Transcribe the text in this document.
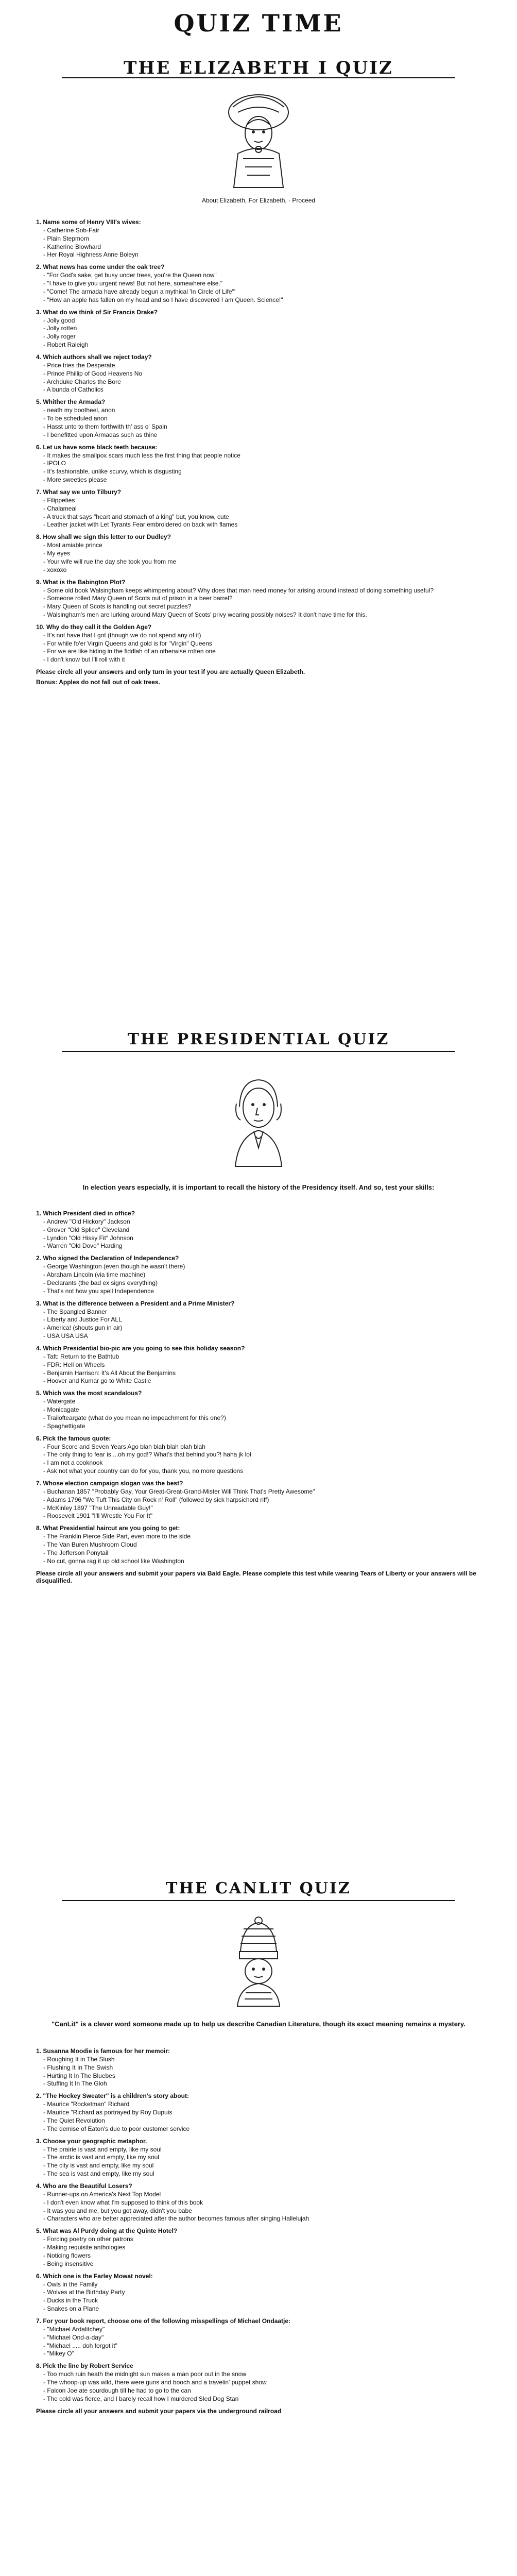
QUIZ TIME
THE ELIZABETH I QUIZ
About Elizabeth, For Elizabeth, · Proceed
1. Name some of Henry VIII's wives:
- Catherine Sob-Fair
- Plain Stepmom
- Katherine Blowhard
- Her Royal Highness Anne Boleyn
2. What news has come under the oak tree?
- "For God's sake, get busy under trees, you're the Queen now"
- "I have to give you urgent news! But not here, somewhere else."
- "Come! The armada have already begun a mythical 'In Circle of Life'"
- "How an apple has fallen on my head and so I have discovered I am Queen. Science!"
3. What do we think of Sir Francis Drake?
- Jolly good
- Jolly rotten
- Jolly roger
- Robert Raleigh
4. Which authors shall we reject today?
- Price tries the Desperate
- Prince Phillip of Good Heavens No
- Archduke Charles the Bore
- A bunda of Catholics
5. Whither the Armada?
- neath my bootheel, anon
- To be scheduled anon
- Hasst unto to them forthwith th' ass o' Spain
- I benefitted upon Armadas such as thine
6. Let us have some black teeth because:
- It makes the smallpox scars much less the first thing that people notice
- IPOLO
- It's fashionable, unlike scurvy, which is disgusting
- More sweeties please
7. What say we unto Tilbury?
- Filippeties
- Chalameal
- A truck that says "heart and stomach of a king" but, you know, cute
- Leather jacket with Let Tyrants Fear embroidered on back with flames
8. How shall we sign this letter to our Dudley?
- Most amiable prince
- My eyes
- Your wife will rue the day she took you from me
- xoxoxo
9. What is the Babington Plot?
- Some old book Walsingham keeps whimpering about? Why does that man need money for arising around instead of doing something useful?
- Someone rolled Mary Queen of Scots out of prison in a beer barrel?
- Mary Queen of Scots is handling out secret puzzles?
- Walsingham's men are lurking around Mary Queen of Scots' privy wearing possibly noises? It don't have time for this.
10. Why do they call it the Golden Age?
- It's not have that I got (though we do not spend any of it)
- For while fo'er Virgin Queens and gold is for "Virgin" Queens
- For we are like hiding in the fiddlah of an otherwise rotten one
- I don't know but I'll roll with it
Please circle all your answers and only turn in your test if you are actually Queen Elizabeth.
Bonus: Apples do not fall out of oak trees.
THE PRESIDENTIAL QUIZ
In election years especially, it is important to recall the history of the Presidency itself. And so, test your skills:
1. Which President died in office?
- Andrew "Old Hickory" Jackson
- Grover "Old Splice" Cleveland
- Lyndon "Old Hissy Fit" Johnson
- Warren "Old Dove" Harding
2. Who signed the Declaration of Independence?
- George Washington (even though he wasn't there)
- Abraham Lincoln (via time machine)
- Declarants (the bad ex signs everything)
- That's not how you spell Independence
3. What is the difference between a President and a Prime Minister?
- The Spangled Banner
- Liberty and Justice For ALL
- America! (shouts gun in air)
- USA USA USA
4. Which Presidential bio-pic are you going to see this holiday season?
- Taft: Return to the Bathtub
- FDR: Hell on Wheels
- Benjamin Harrison: It's All About the Benjamins
- Hoover and Kumar go to White Castle
5. Which was the most scandalous?
- Watergate
- Monicagate
- Trailofteargate (what do you mean no impeachment for this one?)
- Spaghettigate
6. Pick the famous quote:
- Four Score and Seven Years Ago blah blah blah blah blah
- The only thing to fear is ...oh my god!? What's that behind you?! haha jk lol
- I am not a cooknook
- Ask not what your country can do for you, thank you, no more questions
7. Whose election campaign slogan was the best?
- Buchanan 1857 "Probably Gay, Your Great-Great-Grand-Mister Will Think That's Pretty Awesome"
- Adams 1796 "We Tuft This City on Rock n' Roll" (followed by sick harpsichord riff)
- McKinley 1897 "The Unreadable Guy!"
- Roosevelt 1901 "I'll Wrestle You For It"
8. What Presidential haircut are you going to get:
- The Franklin Pierce Side Part, even more to the side
- The Van Buren Mushroom Cloud
- The Jefferson Ponytail
- No cut, gonna rag it up old school like Washington
Please circle all your answers and submit your papers via Bald Eagle. Please complete this test while wearing Tears of Liberty or your answers will be disqualified.
THE CANLIT QUIZ
"CanLit" is a clever word someone made up to help us describe Canadian Literature, though its exact meaning remains a mystery.
1. Susanna Moodie is famous for her memoir:
- Roughing It in The Slush
- Flushing It In The Swish
- Hurting It In The Bluebes
- Stuffing It In The Gloh
2. "The Hockey Sweater" is a children's story about:
- Maurice "Rocketman" Richard
- Maurice "Richard as portrayed by Roy Dupuis
- The Quiet Revolution
- The demise of Eaton's due to poor customer service
3. Choose your geographic metaphor.
- The prairie is vast and empty, like my soul
- The arctic is vast and empty, like my soul
- The city is vast and empty, like my soul
- The sea is vast and empty, like my soul
4. Who are the Beautiful Losers?
- Runner-ups on America's Next Top Model
- I don't even know what I'm supposed to think of this book
- It was you and me, but you got away, didn't you babe
- Characters who are better appreciated after the author becomes famous after singing Hallelujah
5. What was Al Purdy doing at the Quinte Hotel?
- Forcing poetry on other patrons
- Making requisite anthologies
- Noticing flowers
- Being insensitive
6. Which one is the Farley Mowat novel:
- Owls in the Family
- Wolves at the Birthday Party
- Ducks in the Truck
- Snakes on a Plane
7. For your book report, choose one of the following misspellings of Michael Ondaatje:
- "Michael Ardalitchey"
- "Michael Ond-a-day"
- "Michael ..... doh forgot it"
- "Mikey O"
8. Pick the line by Robert Service
- Too much ruin heath the midnight sun makes a man poor out in the snow
- The whoop-up was wild, there were guns and booch and a travelin' puppet show
- Falcon Joe ate sourdough till he had to go to the can
- The cold was fierce, and I barely recall how I murdered Sled Dog Stan
Please circle all your answers and submit your papers via the underground railroad
